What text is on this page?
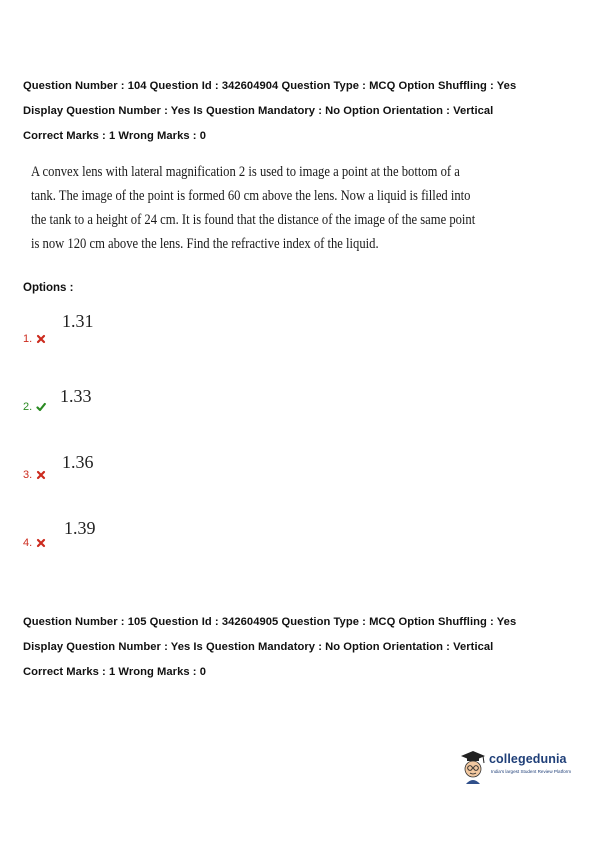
Question Number : 104 Question Id : 342604904 Question Type : MCQ Option Shuffling : Yes
Display Question Number : Yes Is Question Mandatory : No Option Orientation : Vertical
Correct Marks : 1 Wrong Marks : 0
A convex lens with lateral magnification 2 is used to image a point at the bottom of a
tank. The image of the point is formed 60 cm above the lens. Now a liquid is filled into
the tank to a height of 24 cm. It is found that the distance of the image of the same point
is now 120 cm above the lens. Find the refractive index of the liquid.
Options :
1.
1.31
2.
1.33
3.
1.36
4.
1.39
Question Number : 105 Question Id : 342604905 Question Type : MCQ Option Shuffling : Yes
Display Question Number : Yes Is Question Mandatory : No Option Orientation : Vertical
Correct Marks : 1 Wrong Marks : 0
collegedunia
India's largest Student Review Platform
